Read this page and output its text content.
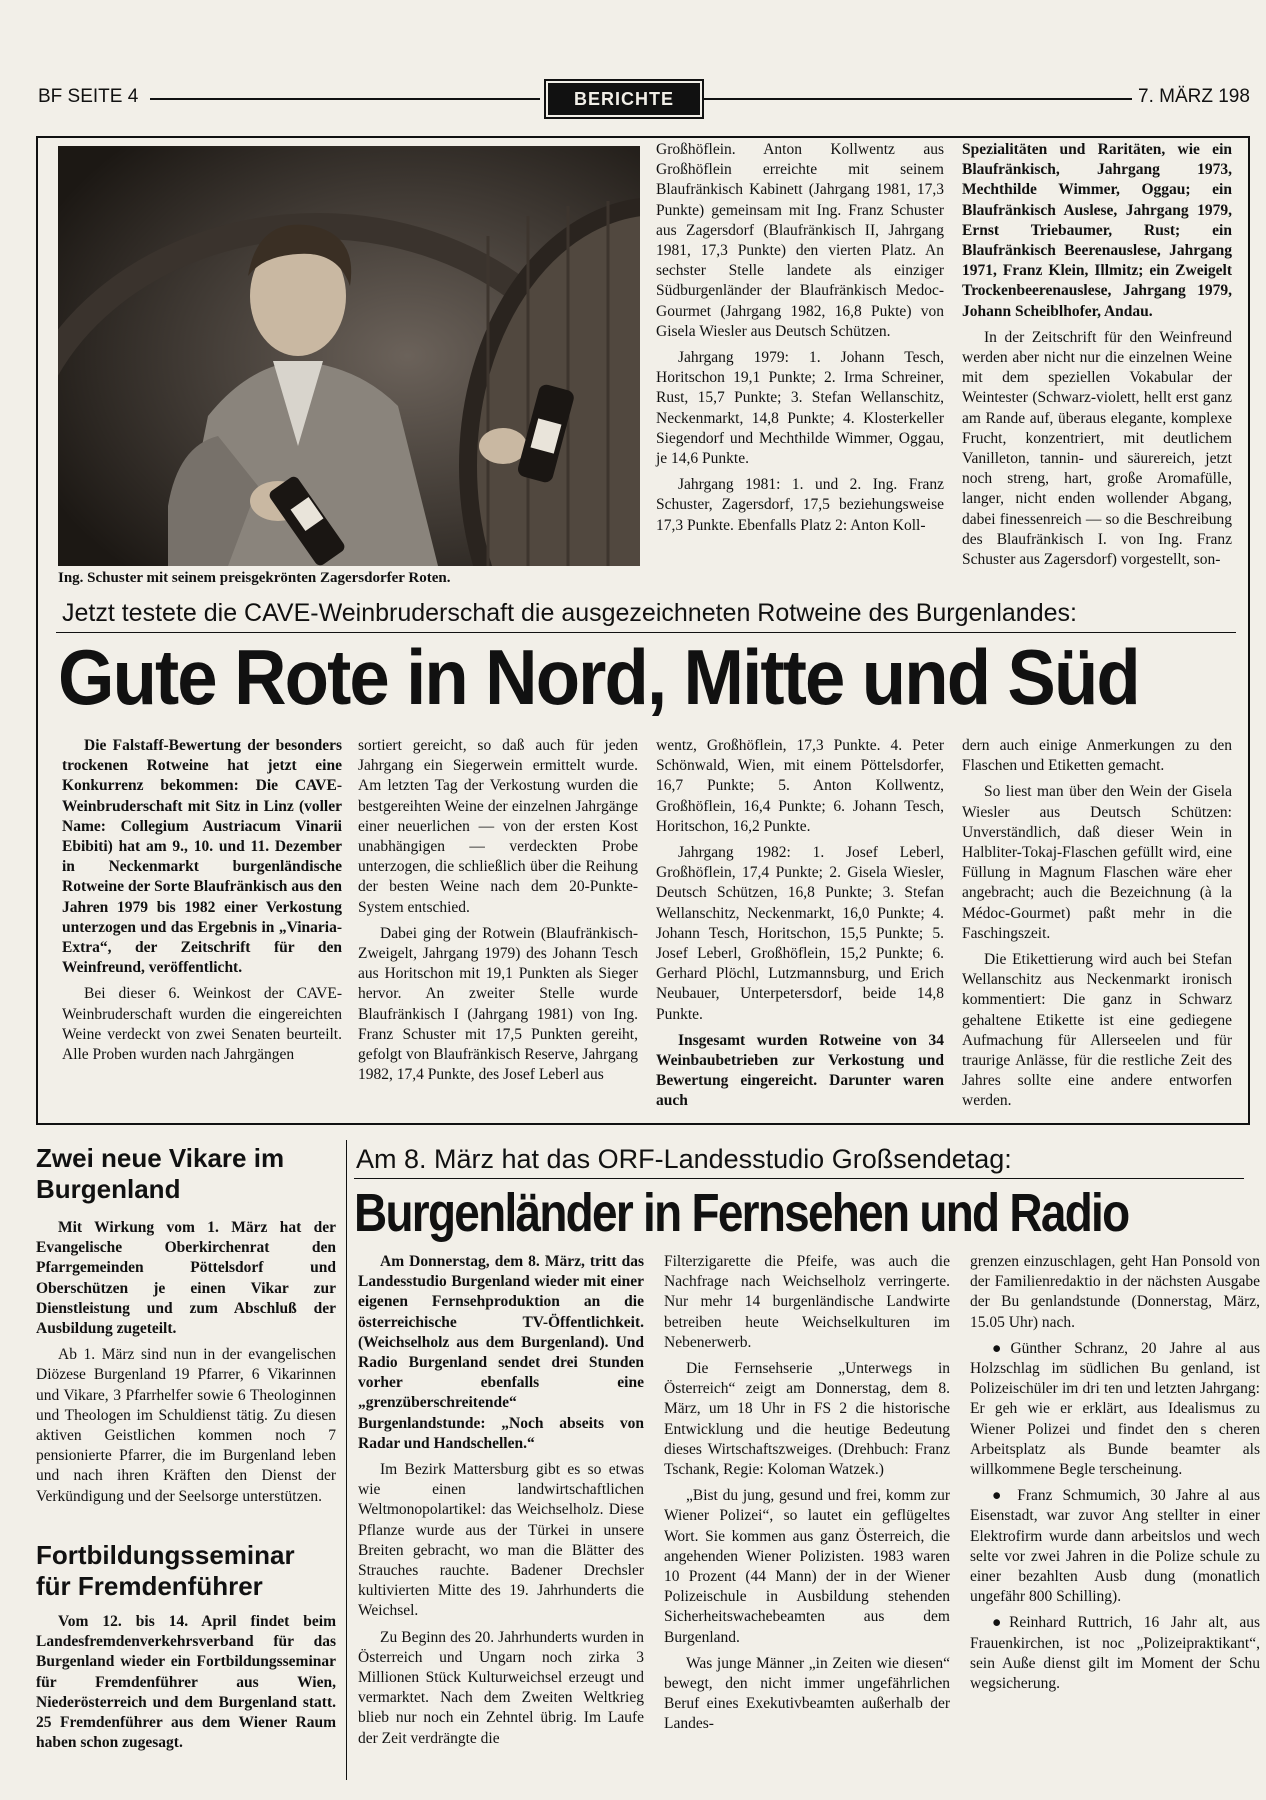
BF SEITE 4	BERICHTE	7. MÄRZ 198
Ing. Schuster mit seinem preisgekrönten Zagersdorfer Roten.

Großhöflein. Anton Kollwentz aus Großhöflein erreichte mit seinem Blaufränkisch Kabinett (Jahrgang 1981, 17,3 Punkte) gemeinsam mit Ing. Franz Schuster aus Zagersdorf (Blaufränkisch II, Jahrgang 1981, 17,3 Punkte) den vierten Platz. An sechster Stelle landete als einziger Südburgenländer der Blaufränkisch Medoc-Gourmet (Jahrgang 1982, 16,8 Pukte) von Gisela Wiesler aus Deutsch Schützen.

Jahrgang 1979: 1. Johann Tesch, Horitschon 19,1 Punkte; 2. Irma Schreiner, Rust, 15,7 Punkte; 3. Stefan Wellanschitz, Neckenmarkt, 14,8 Punkte; 4. Klosterkeller Siegendorf und Mechthilde Wimmer, Oggau, je 14,6 Punkte.

Jahrgang 1981: 1. und 2. Ing. Franz Schuster, Zagersdorf, 17,5 beziehungsweise 17,3 Punkte. Ebenfalls Platz 2: Anton Koll-

Spezialitäten und Raritäten, wie ein Blaufränkisch, Jahrgang 1973, Mechthilde Wimmer, Oggau; ein Blaufränkisch Auslese, Jahrgang 1979, Ernst Triebaumer, Rust; ein Blaufränkisch Beerenauslese, Jahrgang 1971, Franz Klein, Illmitz; ein Zweigelt Trockenbeerenauslese, Jahrgang 1979, Johann Scheiblhofer, Andau.

In der Zeitschrift für den Weinfreund werden aber nicht nur die einzelnen Weine mit dem speziellen Vokabular der Weintester (Schwarz-violett, hellt erst ganz am Rande auf, überaus elegante, komplexe Frucht, konzentriert, mit deutlichem Vanilleton, tannin- und säurereich, jetzt noch streng, hart, große Aromafülle, langer, nicht enden wollender Abgang, dabei finessenreich — so die Beschreibung des Blaufränkisch I. von Ing. Franz Schuster aus Zagersdorf) vorgestellt, son-

Jetzt testete die CAVE-Weinbruderschaft die ausgezeichneten Rotweine des Burgenlandes:
Gute Rote in Nord, Mitte und Süd

Die Falstaff-Bewertung der besonders trockenen Rotweine hat jetzt eine Konkurrenz bekommen: Die CAVE-Weinbruderschaft mit Sitz in Linz (voller Name: Collegium Austriacum Vinarii Ebibiti) hat am 9., 10. und 11. Dezember in Neckenmarkt burgenländische Rotweine der Sorte Blaufränkisch aus den Jahren 1979 bis 1982 einer Verkostung unterzogen und das Ergebnis in „Vinaria-Extra“, der Zeitschrift für den Weinfreund, veröffentlicht.

Bei dieser 6. Weinkost der CAVE-Weinbruderschaft wurden die eingereichten Weine verdeckt von zwei Senaten beurteilt. Alle Proben wurden nach Jahrgängen

sortiert gereicht, so daß auch für jeden Jahrgang ein Siegerwein ermittelt wurde. Am letzten Tag der Verkostung wurden die bestgereihten Weine der einzelnen Jahrgänge einer neuerlichen — von der ersten Kost unabhängigen — verdeckten Probe unterzogen, die schließlich über die Reihung der besten Weine nach dem 20-Punkte-System entschied.

Dabei ging der Rotwein (Blaufränkisch-Zweigelt, Jahrgang 1979) des Johann Tesch aus Horitschon mit 19,1 Punkten als Sieger hervor. An zweiter Stelle wurde Blaufränkisch I (Jahrgang 1981) von Ing. Franz Schuster mit 17,5 Punkten gereiht, gefolgt von Blaufränkisch Reserve, Jahrgang 1982, 17,4 Punkte, des Josef Leberl aus

wentz, Großhöflein, 17,3 Punkte. 4. Peter Schönwald, Wien, mit einem Pöttelsdorfer, 16,7 Punkte; 5. Anton Kollwentz, Großhöflein, 16,4 Punkte; 6. Johann Tesch, Horitschon, 16,2 Punkte.

Jahrgang 1982: 1. Josef Leberl, Großhöflein, 17,4 Punkte; 2. Gisela Wiesler, Deutsch Schützen, 16,8 Punkte; 3. Stefan Wellanschitz, Neckenmarkt, 16,0 Punkte; 4. Johann Tesch, Horitschon, 15,5 Punkte; 5. Josef Leberl, Großhöflein, 15,2 Punkte; 6. Gerhard Plöchl, Lutzmannsburg, und Erich Neubauer, Unterpetersdorf, beide 14,8 Punkte.

Insgesamt wurden Rotweine von 34 Weinbaubetrieben zur Verkostung und Bewertung eingereicht. Darunter waren auch

dern auch einige Anmerkungen zu den Flaschen und Etiketten gemacht.

So liest man über den Wein der Gisela Wiesler aus Deutsch Schützen: Unverständlich, daß dieser Wein in Halbliter-Tokaj-Flaschen gefüllt wird, eine Füllung in Magnum Flaschen wäre eher angebracht; auch die Bezeichnung (à la Médoc-Gourmet) paßt mehr in die Faschingszeit.

Die Etikettierung wird auch bei Stefan Wellanschitz aus Neckenmarkt ironisch kommentiert: Die ganz in Schwarz gehaltene Etikette ist eine gediegene Aufmachung für Allerseelen und für traurige Anlässe, für die restliche Zeit des Jahres sollte eine andere entworfen werden.

Zwei neue Vikare im Burgenland

Mit Wirkung vom 1. März hat der Evangelische Oberkirchenrat den Pfarrgemeinden Pöttelsdorf und Oberschützen je einen Vikar zur Dienstleistung und zum Abschluß der Ausbildung zugeteilt.

Ab 1. März sind nun in der evangelischen Diözese Burgenland 19 Pfarrer, 6 Vikarinnen und Vikare, 3 Pfarrhelfer sowie 6 Theologinnen und Theologen im Schuldienst tätig. Zu diesen aktiven Geistlichen kommen noch 7 pensionierte Pfarrer, die im Burgenland leben und nach ihren Kräften den Dienst der Verkündigung und der Seelsorge unterstützen.

Fortbildungsseminar für Fremdenführer

Vom 12. bis 14. April findet beim Landesfremdenverkehrsverband für das Burgenland wieder ein Fortbildungsseminar für Fremdenführer aus Wien, Niederösterreich und dem Burgenland statt. 25 Fremdenführer aus dem Wiener Raum haben schon zugesagt.

Am 8. März hat das ORF-Landesstudio Großsendetag:
Burgenländer in Fernsehen und Radio

Am Donnerstag, dem 8. März, tritt das Landesstudio Burgenland wieder mit einer eigenen Fernsehproduktion an die österreichische TV-Öffentlichkeit. (Weichselholz aus dem Burgenland). Und Radio Burgenland sendet drei Stunden vorher ebenfalls eine „grenzüberschreitende“ Burgenlandstunde: „Noch abseits von Radar und Handschellen.“

Im Bezirk Mattersburg gibt es so etwas wie einen landwirtschaftlichen Weltmonopolartikel: das Weichselholz. Diese Pflanze wurde aus der Türkei in unsere Breiten gebracht, wo man die Blätter des Strauches rauchte. Badener Drechsler kultivierten Mitte des 19. Jahrhunderts die Weichsel.

Zu Beginn des 20. Jahrhunderts wurden in Österreich und Ungarn noch zirka 3 Millionen Stück Kulturweichsel erzeugt und vermarktet. Nach dem Zweiten Weltkrieg blieb nur noch ein Zehntel übrig. Im Laufe der Zeit verdrängte die

Filterzigarette die Pfeife, was auch die Nachfrage nach Weichselholz verringerte. Nur mehr 14 burgenländische Landwirte betreiben heute Weichselkulturen im Nebenerwerb.

Die Fernsehserie „Unterwegs in Österreich“ zeigt am Donnerstag, dem 8. März, um 18 Uhr in FS 2 die historische Entwicklung und die heutige Bedeutung dieses Wirtschaftszweiges. (Drehbuch: Franz Tschank, Regie: Koloman Watzek.)

„Bist du jung, gesund und frei, komm zur Wiener Polizei“, so lautet ein geflügeltes Wort. Sie kommen aus ganz Österreich, die angehenden Wiener Polizisten. 1983 waren 10 Prozent (44 Mann) der in der Wiener Polizeischule in Ausbildung stehenden Sicherheitswachebeamten aus dem Burgenland.

Was junge Männer „in Zeiten wie diesen“ bewegt, den nicht immer ungefährlichen Beruf eines Exekutivbeamten außerhalb der Landes-

grenzen einzuschlagen, geht Han Ponsold von der Familienredaktio in der nächsten Ausgabe der Bu genlandstunde (Donnerstag, März, 15.05 Uhr) nach.

●Günther Schranz, 20 Jahre al aus Holzschlag im südlichen Bu genland, ist Polizeischüler im dri ten und letzten Jahrgang: Er geh wie er erklärt, aus Idealismus zu Wiener Polizei und findet den s cheren Arbeitsplatz als Bunde beamter als willkommene Begle terscheinung.

● Franz Schmumich, 30 Jahre al aus Eisenstadt, war zuvor Ang stellter in einer Elektrofirm wurde dann arbeitslos und wech selte vor zwei Jahren in die Polize schule zu einer bezahlten Ausb dung (monatlich ungefähr 800 Schilling).

●Reinhard Ruttrich, 16 Jahr alt, aus Frauenkirchen, ist noc „Polizeipraktikant“, sein Auße dienst gilt im Moment der Schu wegsicherung.
